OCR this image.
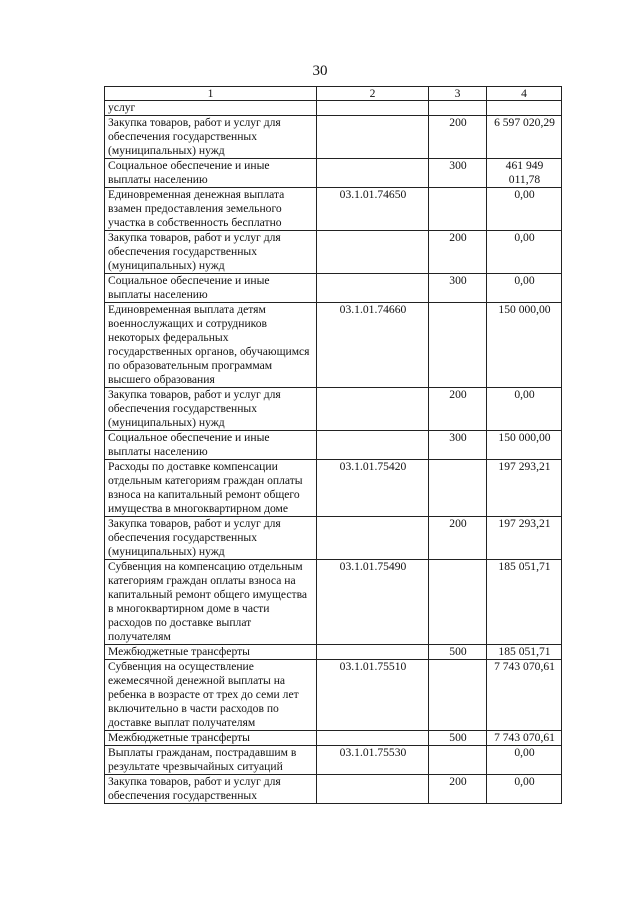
30
1	2	3	4
услуг			
Закупка товаров, работ и услуг для обеспечения государственных (муниципальных) нужд		200	6 597 020,29
Социальное обеспечение и иные выплаты населению		300	461 949 011,78
Единовременная денежная выплата взамен предоставления земельного участка в собственность бесплатно	03.1.01.74650		0,00
Закупка товаров, работ и услуг для обеспечения государственных (муниципальных) нужд		200	0,00
Социальное обеспечение и иные выплаты населению		300	0,00
Единовременная выплата детям военнослужащих и сотрудников некоторых федеральных государственных органов, обучающимся по образовательным программам высшего образования	03.1.01.74660		150 000,00
Закупка товаров, работ и услуг для обеспечения государственных (муниципальных) нужд		200	0,00
Социальное обеспечение и иные выплаты населению		300	150 000,00
Расходы по доставке компенсации отдельным категориям граждан оплаты взноса на капитальный ремонт общего имущества в многоквартирном доме	03.1.01.75420		197 293,21
Закупка товаров, работ и услуг для обеспечения государственных (муниципальных) нужд		200	197 293,21
Субвенция на компенсацию отдельным категориям граждан оплаты взноса на капитальный ремонт общего имущества в многоквартирном доме в части расходов по доставке выплат получателям	03.1.01.75490		185 051,71
Межбюджетные трансферты		500	185 051,71
Субвенция на осуществление ежемесячной денежной выплаты на ребенка в возрасте от трех до семи лет включительно в части расходов по доставке выплат получателям	03.1.01.75510		7 743 070,61
Межбюджетные трансферты		500	7 743 070,61
Выплаты гражданам, пострадавшим в результате чрезвычайных ситуаций	03.1.01.75530		0,00
Закупка товаров, работ и услуг для обеспечения государственных		200	0,00
